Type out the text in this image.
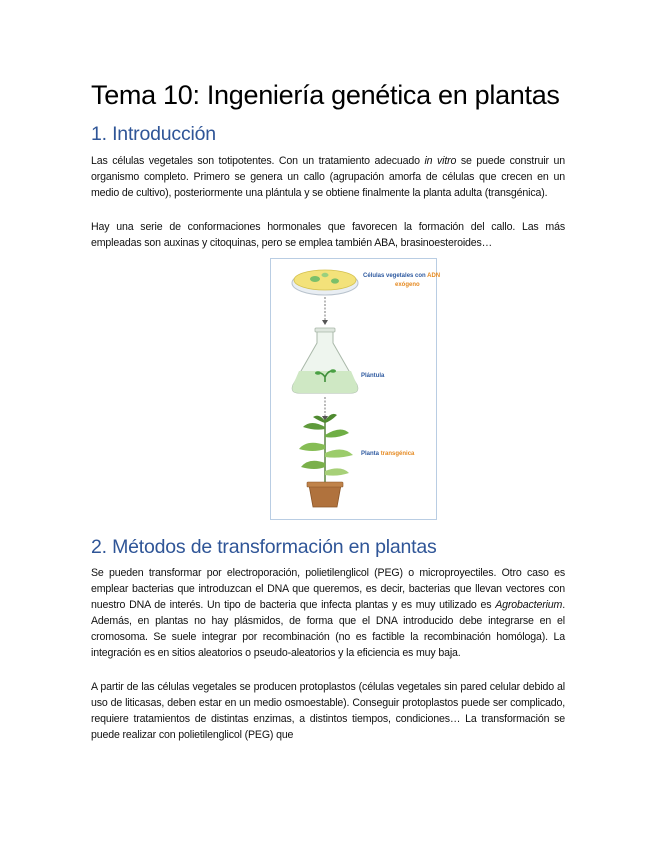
Tema 10: Ingeniería genética en plantas
1. Introducción

Las células vegetales son totipotentes. Con un tratamiento adecuado in vitro se puede construir un organismo completo. Primero se genera un callo (agrupación amorfa de células que crecen en un medio de cultivo), posteriormente una plántula y se obtiene finalmente la planta adulta (transgénica).

Hay una serie de conformaciones hormonales que favorecen la formación del callo. Las más empleadas son auxinas y citoquinas, pero se emplea también ABA, brasinoesteroides…

Células vegetales con ADN
exógeno
Plántula
Planta transgénica
2. Métodos de transformación en plantas

Se pueden transformar por electroporación, polietilenglicol (PEG) o microproyectiles. Otro caso es emplear bacterias que introduzcan el DNA que queremos, es decir, bacterias que llevan vectores con nuestro DNA de interés. Un tipo de bacteria que infecta plantas y es muy utilizado es Agrobacterium. Además, en plantas no hay plásmidos, de forma que el DNA introducido debe integrarse en el cromosoma. Se suele integrar por recombinación (no es factible la recombinación homóloga). La integración es en sitios aleatorios o pseudo-aleatorios y la eficiencia es muy baja.

A partir de las células vegetales se producen protoplastos (células vegetales sin pared celular debido al uso de liticasas, deben estar en un medio osmoestable). Conseguir protoplastos puede ser complicado, requiere tratamientos de distintas enzimas, a distintos tiempos, condiciones… La transformación se puede realizar con polietilenglicol (PEG) que
